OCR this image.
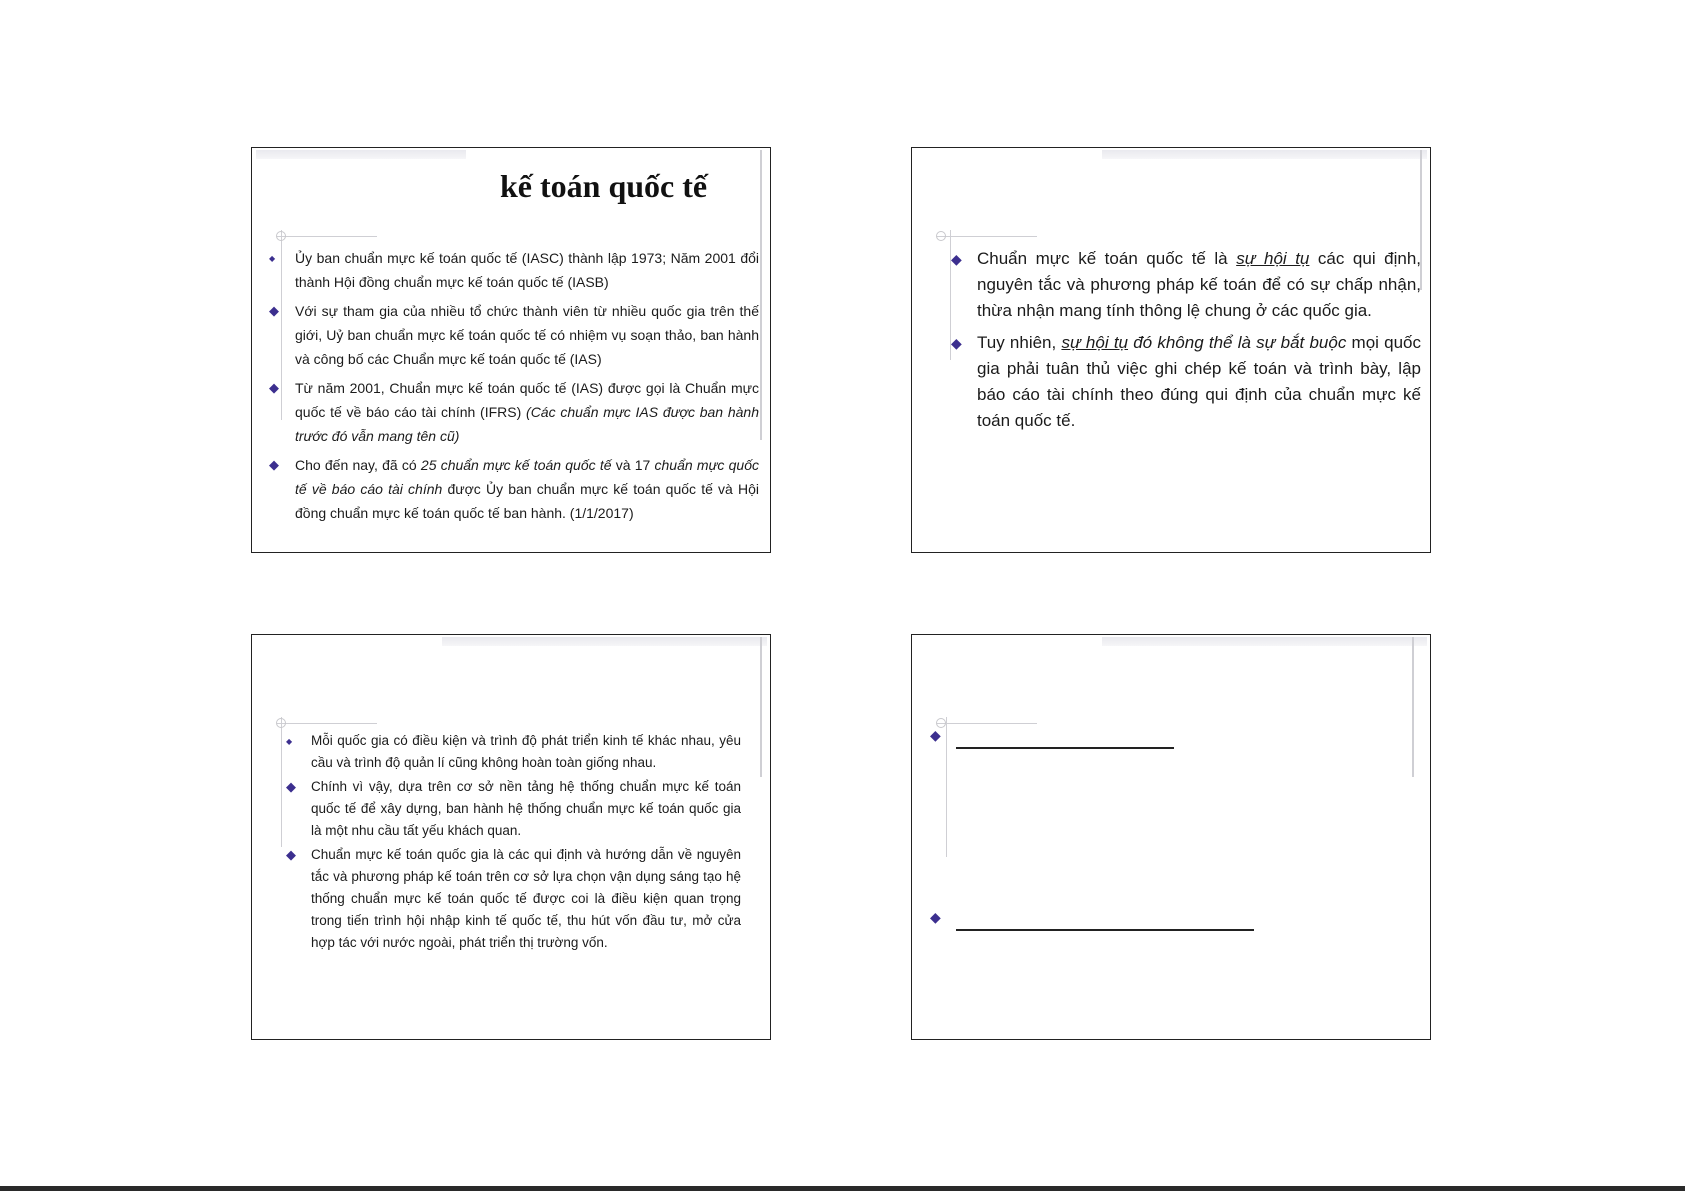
kế toán quốc tế
◆ Ủy ban chuẩn mực kế toán quốc tế (IASC) thành lập 1973; Năm 2001 đổi thành Hội đồng chuẩn mực kế toán quốc tế (IASB)
◆ Với sự tham gia của nhiều tổ chức thành viên từ nhiều quốc gia trên thế giới, Uỷ ban chuẩn mực kế toán quốc tế có nhiệm vụ soạn thảo, ban hành và công bố các Chuẩn mực kế toán quốc tế (IAS)
◆ Từ năm 2001, Chuẩn mực kế toán quốc tế (IAS) được gọi là Chuẩn mực quốc tế về báo cáo tài chính (IFRS) (Các chuẩn mực IAS được ban hành trước đó vẫn mang tên cũ)
◆ Cho đến nay, đã có 25 chuẩn mực kế toán quốc tế và 17 chuẩn mực quốc tế về báo cáo tài chính được Ủy ban chuẩn mực kế toán quốc tế và Hội đồng chuẩn mực kế toán quốc tế ban hành. (1/1/2017)
◆ Chuẩn mực kế toán quốc tế là sự hội tụ các qui định, nguyên tắc và phương pháp kế toán để có sự chấp nhận, thừa nhận mang tính thông lệ chung ở các quốc gia.
◆ Tuy nhiên, sự hội tụ đó không thể là sự bắt buộc mọi quốc gia phải tuân thủ việc ghi chép kế toán và trình bày, lập báo cáo tài chính theo đúng qui định của chuẩn mực kế toán quốc tế.
◆ Mỗi quốc gia có điều kiện và trình độ phát triển kinh tế khác nhau, yêu cầu và trình độ quản lí cũng không hoàn toàn giống nhau.
◆ Chính vì vậy, dựa trên cơ sở nền tảng hệ thống chuẩn mực kế toán quốc tế để xây dựng, ban hành hệ thống chuẩn mực kế toán quốc gia là một nhu cầu tất yếu khách quan.
◆ Chuẩn mực kế toán quốc gia là các qui định và hướng dẫn về nguyên tắc và phương pháp kế toán trên cơ sở lựa chọn vận dụng sáng tạo hệ thống chuẩn mực kế toán quốc tế được coi là điều kiện quan trọng trong tiến trình hội nhập kinh tế quốc tế, thu hút vốn đầu tư, mở cửa hợp tác với nước ngoài, phát triển thị trường vốn.
◆
◆
